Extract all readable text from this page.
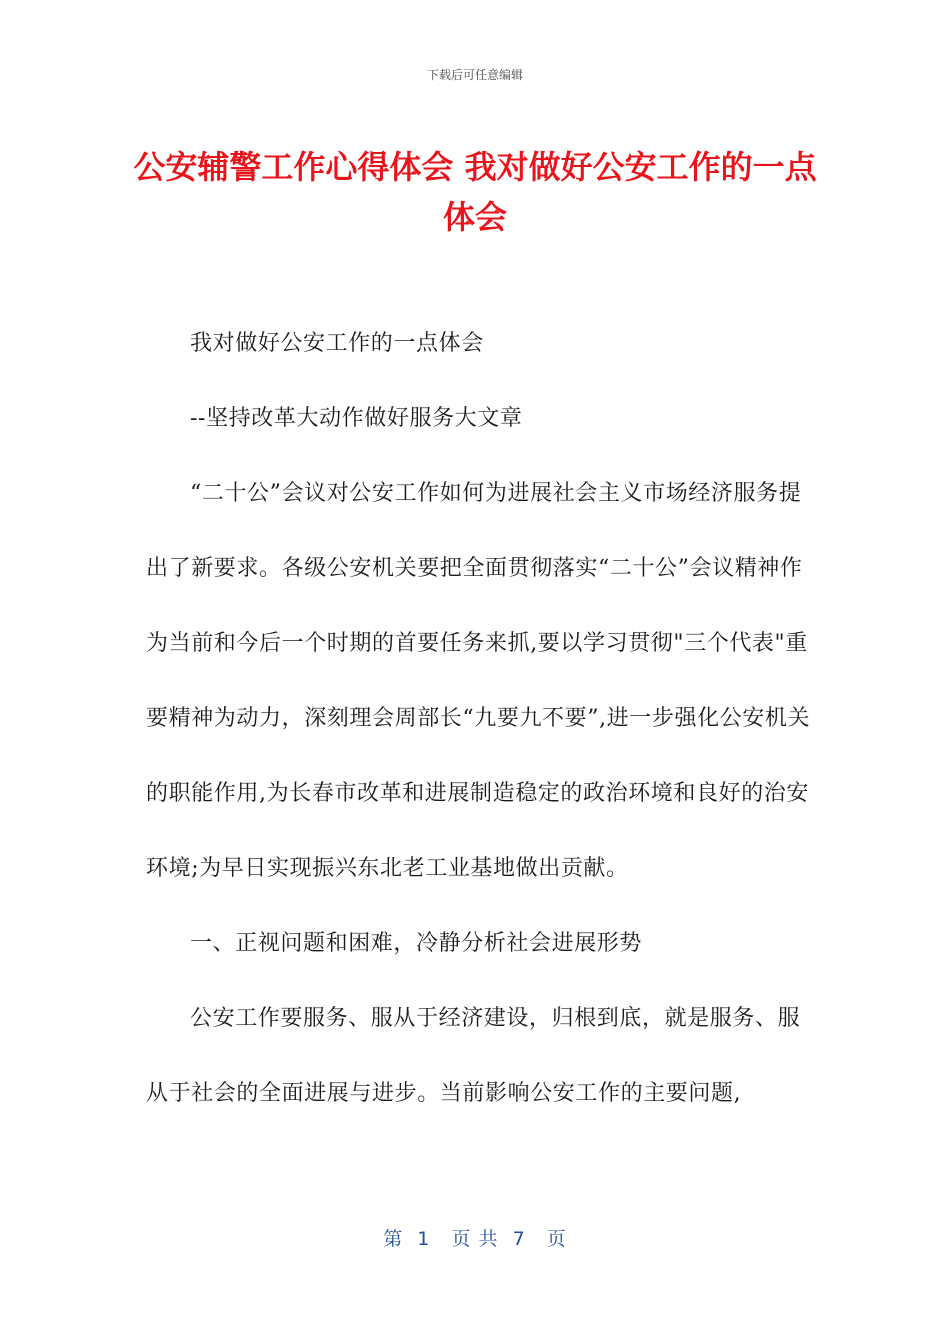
下载后可任意编辑
公安辅警工作心得体会 我对做好公安工作的一点体会

我对做好公安工作的一点体会

--坚持改革大动作做好服务大文章

“二十公”会议对公安工作如何为进展社会主义市场经济服务提出了新要求。各级公安机关要把全面贯彻落实“二十公”会议精神作为当前和今后一个时期的首要任务来抓,要以学习贯彻"三个代表"重要精神为动力，深刻理会周部长“九要九不要”,进一步强化公安机关的职能作用,为长春市改革和进展制造稳定的政治环境和良好的治安环境;为早日实现振兴东北老工业基地做出贡献。

一、正视问题和困难，冷静分析社会进展形势

公安工作要服务、服从于经济建设，归根到底，就是服务、服从于社会的全面进展与进步。当前影响公安工作的主要问题,

第  1   页 共  7   页
